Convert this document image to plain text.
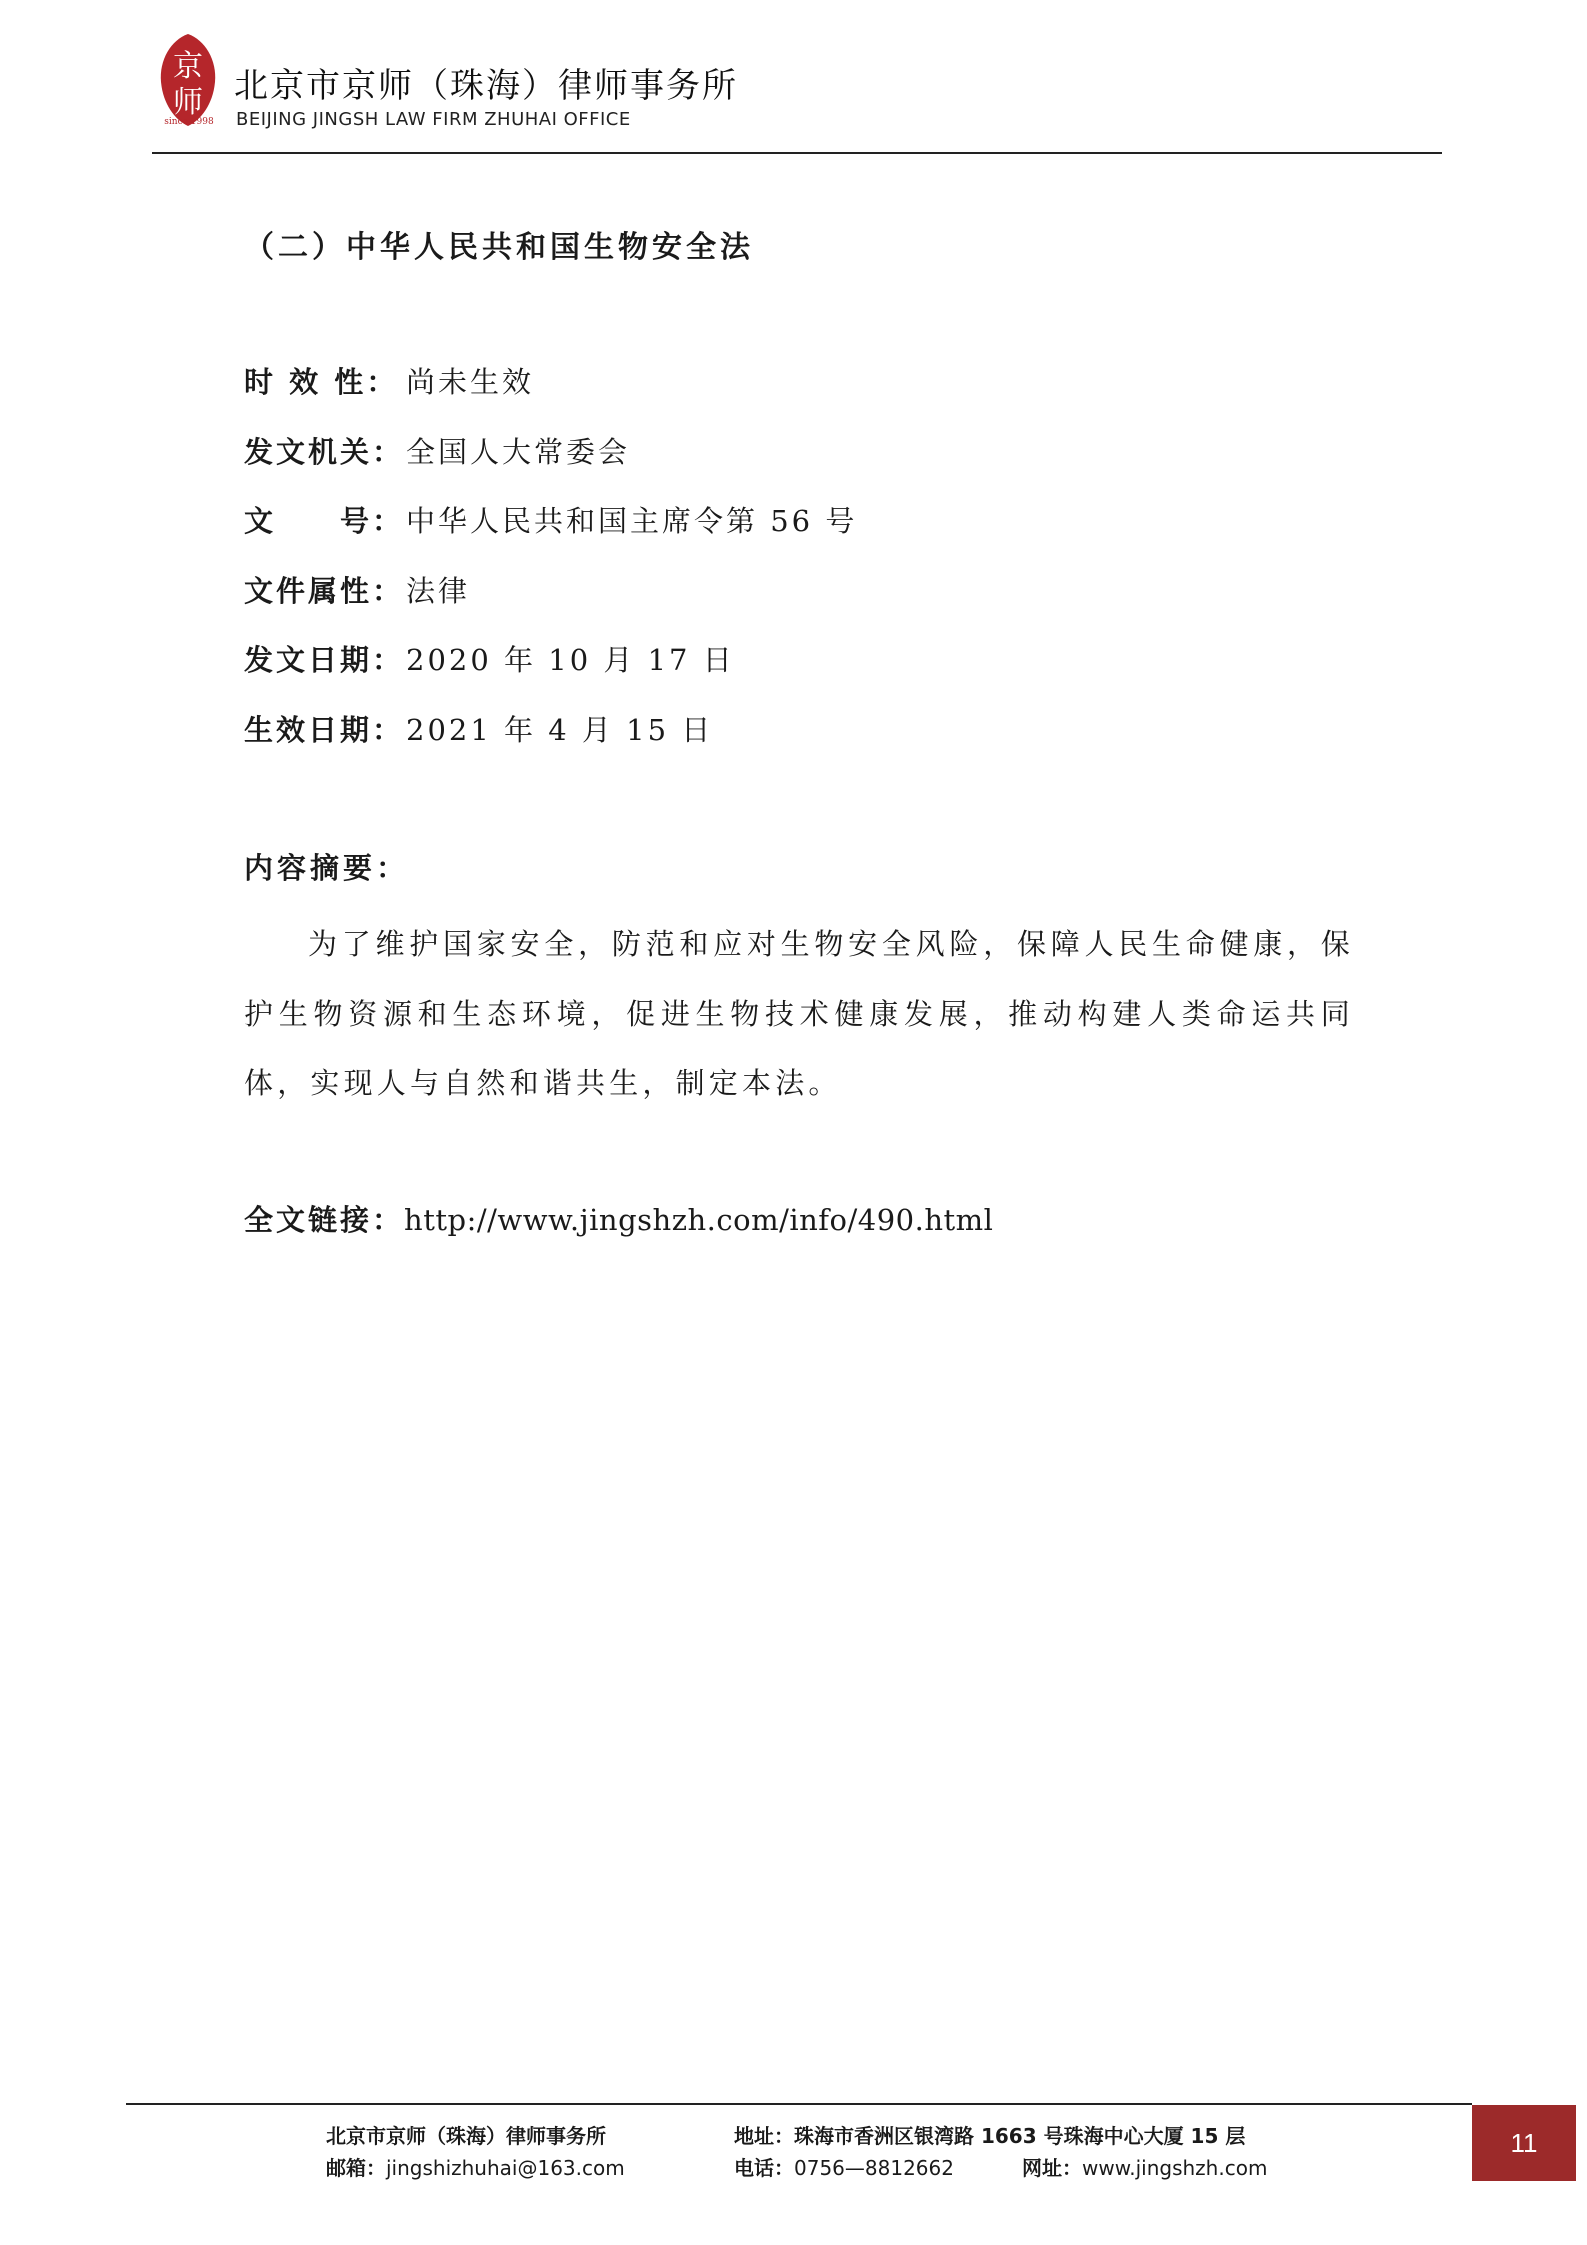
京
师
since 1998
北京市京师（珠海）律师事务所
BEIJING JINGSH LAW FIRM ZHUHAI OFFICE
（二）中华人民共和国生物安全法
时 效 性： 尚未生效
发文机关：全国人大常委会
文　　号：中华人民共和国主席令第 56 号
文件属性：法律
发文日期：2020 年 10 月 17 日
生效日期：2021 年 4 月 15 日
内容摘要：
为了维护国家安全，防范和应对生物安全风险，保障人民生命健康，保护生物资源和生态环境，促进生物技术健康发展，推动构建人类命运共同体，实现人与自然和谐共生，制定本法。
全文链接：http://www.jingshzh.com/info/490.html
北京市京师（珠海）律师事务所
邮箱：jingshizhuhai@163.com
地址：珠海市香洲区银湾路 1663 号珠海中心大厦 15 层
电话：0756—8812662	网址：www.jingshzh.com
11
